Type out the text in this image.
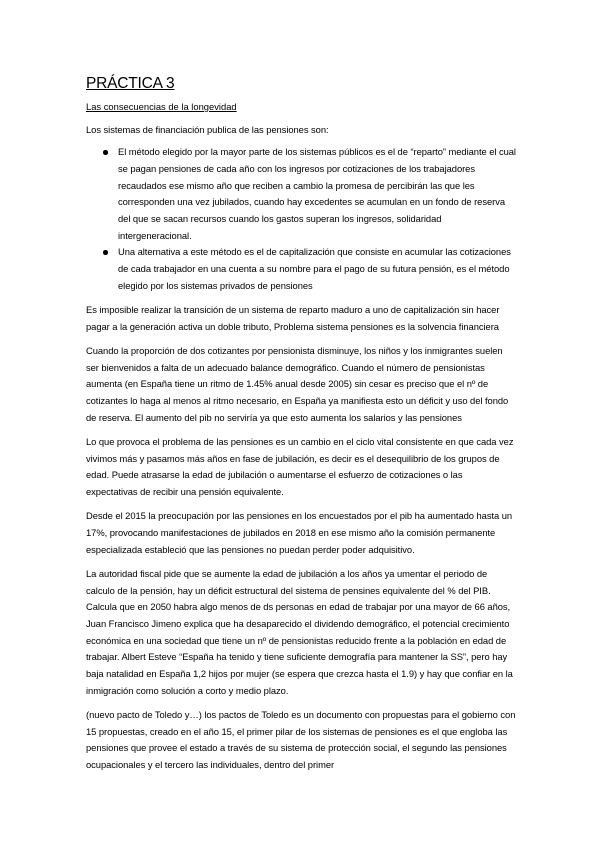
PRÁCTICA 3
Las consecuencias de la longevidad

Los sistemas de financiación publica de las pensiones son:

El método elegido por la mayor parte de los sistemas públicos es el de “reparto” mediante el cual se pagan pensiones de cada año con los ingresos por cotizaciones de los trabajadores recaudados ese mismo año que reciben a cambio la promesa de percibirán las que les corresponden una vez jubilados, cuando hay excedentes se acumulan en un fondo de reserva del que se sacan recursos cuando los gastos superan los ingresos, solidaridad intergeneracional.
Una alternativa a este método es el de capitalización que consiste en acumular las cotizaciones de cada trabajador en una cuenta a su nombre para el pago de su futura pensión, es el método elegido por los sistemas privados de pensiones

Es imposible realizar la transición de un sistema de reparto maduro a uno de capitalización sin hacer pagar a la generación activa un doble tributo, Problema sistema pensiones es la solvencia financiera

Cuando la proporción de dos cotizantes por pensionista disminuye, los niños y los inmigrantes suelen ser bienvenidos a falta de un adecuado balance demográfico. Cuando el número de pensionistas aumenta (en España tiene un ritmo de 1.45% anual desde 2005) sin cesar es preciso que el nº de cotizantes lo haga al menos al ritmo necesario, en España ya manifiesta esto un déficit y uso del fondo de reserva. El aumento del pib no serviría ya que esto aumenta los salarios y las pensiones

Lo que provoca el problema de las pensiones es un cambio en el ciclo vital consistente en que cada vez vivimos más y pasamos más años en fase de jubilación, es decir es el desequilibrio de los grupos de edad. Puede atrasarse la edad de jubilación o aumentarse el esfuerzo de cotizaciones o las expectativas de recibir una pensión equivalente.

Desde el 2015 la preocupación por las pensiones en los encuestados por el pib ha aumentado hasta un 17%, provocando manifestaciones de jubilados en 2018 en ese mismo año la comisión permanente especializada estableció que las pensiones no puedan perder poder adquisitivo.

La autoridad fiscal pide que se aumente la edad de jubilación a los años ya umentar el periodo de calculo de la pensión, hay un déficit estructural del sistema de pensines equivalente del % del PIB. Calcula que en 2050 habra algo menos de ds personas en edad de trabajar por una mayor de 66 años, Juan Francisco Jimeno explica que ha desaparecido el dividendo demográfico, el potencial crecimiento económica en una sociedad que tiene un nº de pensionistas reducido frente a la población en edad de trabajar. Albert Esteve “España ha tenido y tiene suficiente demografía para mantener la SS”, pero hay baja natalidad en España 1,2 hijos por mujer (se espera que crezca hasta el 1.9) y hay que confiar en la inmigración como solución a corto y medio plazo.

(nuevo pacto de Toledo y…) los pactos de Toledo es un documento con propuestas para el gobierno con 15 propuestas, creado en el año 15, el primer pilar de los sistemas de pensiones es el que engloba las pensiones que provee el estado a través de su sistema de protección social, el segundo las pensiones ocupacionales y el tercero las individuales, dentro del primer
